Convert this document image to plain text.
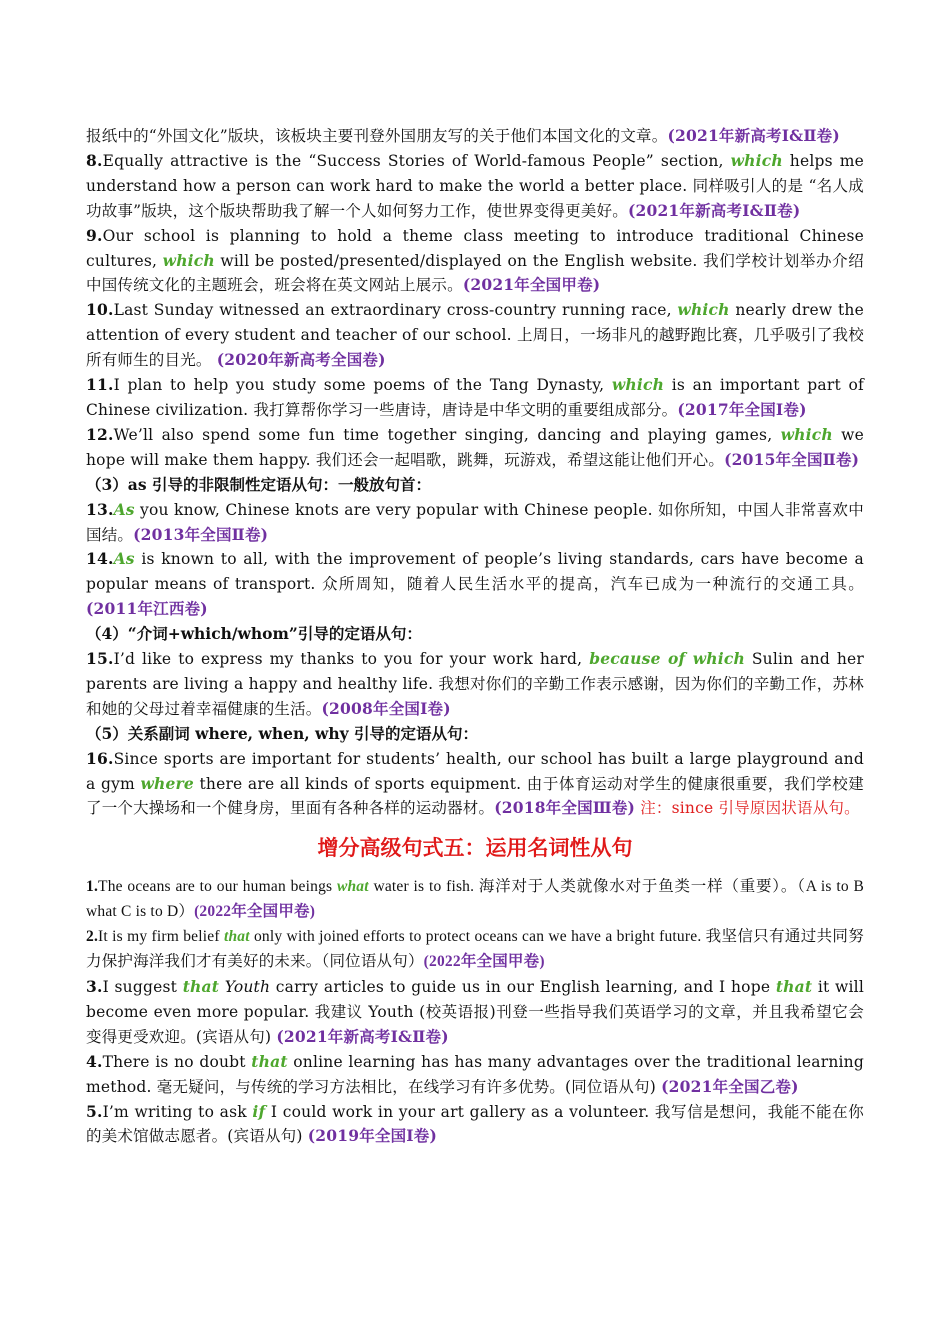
报纸中的“外国文化”版块，该板块主要刊登外国朋友写的关于他们本国文化的文章。(2021年新高考Ⅰ&Ⅱ卷)

8.Equally attractive is the “Success Stories of World-famous People” section, which helps me understand how a person can work hard to make the world a better place. 同样吸引人的是 “名人成功故事”版块，这个版块帮助我了解一个人如何努力工作，使世界变得更美好。(2021年新高考Ⅰ&Ⅱ卷)

9.Our school is planning to hold a theme class meeting to introduce traditional Chinese cultures, which will be posted/presented/displayed on the English website. 我们学校计划举办介绍中国传统文化的主题班会，班会将在英文网站上展示。(2021年全国甲卷)

10.Last Sunday witnessed an extraordinary cross-country running race, which nearly drew the attention of every student and teacher of our school. 上周日，一场非凡的越野跑比赛，几乎吸引了我校所有师生的目光。 (2020年新高考全国卷)

11.I plan to help you study some poems of the Tang Dynasty, which is an important part of Chinese civilization. 我打算帮你学习一些唐诗，唐诗是中华文明的重要组成部分。(2017年全国Ⅰ卷)

12.We’ll also spend some fun time together singing, dancing and playing games, which we hope will make them happy. 我们还会一起唱歌，跳舞，玩游戏，希望这能让他们开心。(2015年全国Ⅱ卷)

（3）as 引导的非限制性定语从句：一般放句首：

13.As you know, Chinese knots are very popular with Chinese people. 如你所知，中国人非常喜欢中国结。(2013年全国Ⅱ卷)

14.As is known to all, with the improvement of people’s living standards, cars have become a popular means of transport. 众所周知，随着人民生活水平的提高，汽车已成为一种流行的交通工具。(2011年江西卷)

（4）“介词+which/whom”引导的定语从句：

15.I’d like to express my thanks to you for your work hard, because of which Sulin and her parents are living a happy and healthy life. 我想对你们的辛勤工作表示感谢，因为你们的辛勤工作，苏林和她的父母过着幸福健康的生活。(2008年全国Ⅰ卷)

（5）关系副词 where, when, why 引导的定语从句：

16.Since sports are important for students’ health, our school has built a large playground and a gym where there are all kinds of sports equipment. 由于体育运动对学生的健康很重要，我们学校建了一个大操场和一个健身房，里面有各种各样的运动器材。(2018年全国Ⅲ卷) 注：since 引导原因状语从句。

增分高级句式五：运用名词性从句

1.The oceans are to our human beings what water is to fish. 海洋对于人类就像水对于鱼类一样（重要）。（A is to B what C is to D）(2022年全国甲卷)

2.It is my firm belief that only with joined efforts to protect oceans can we have a bright future. 我坚信只有通过共同努力保护海洋我们才有美好的未来。（同位语从句）(2022年全国甲卷)

3.I suggest that Youth carry articles to guide us in our English learning, and I hope that it will become even more popular. 我建议 Youth (校英语报)刊登一些指导我们英语学习的文章，并且我希望它会变得更受欢迎。(宾语从句) (2021年新高考Ⅰ&Ⅱ卷)

4.There is no doubt that online learning has has many advantages over the traditional learning method. 毫无疑问，与传统的学习方法相比，在线学习有许多优势。(同位语从句) (2021年全国乙卷)

5.I’m writing to ask if I could work in your art gallery as a volunteer. 我写信是想问，我能不能在你的美术馆做志愿者。(宾语从句) (2019年全国Ⅰ卷)
